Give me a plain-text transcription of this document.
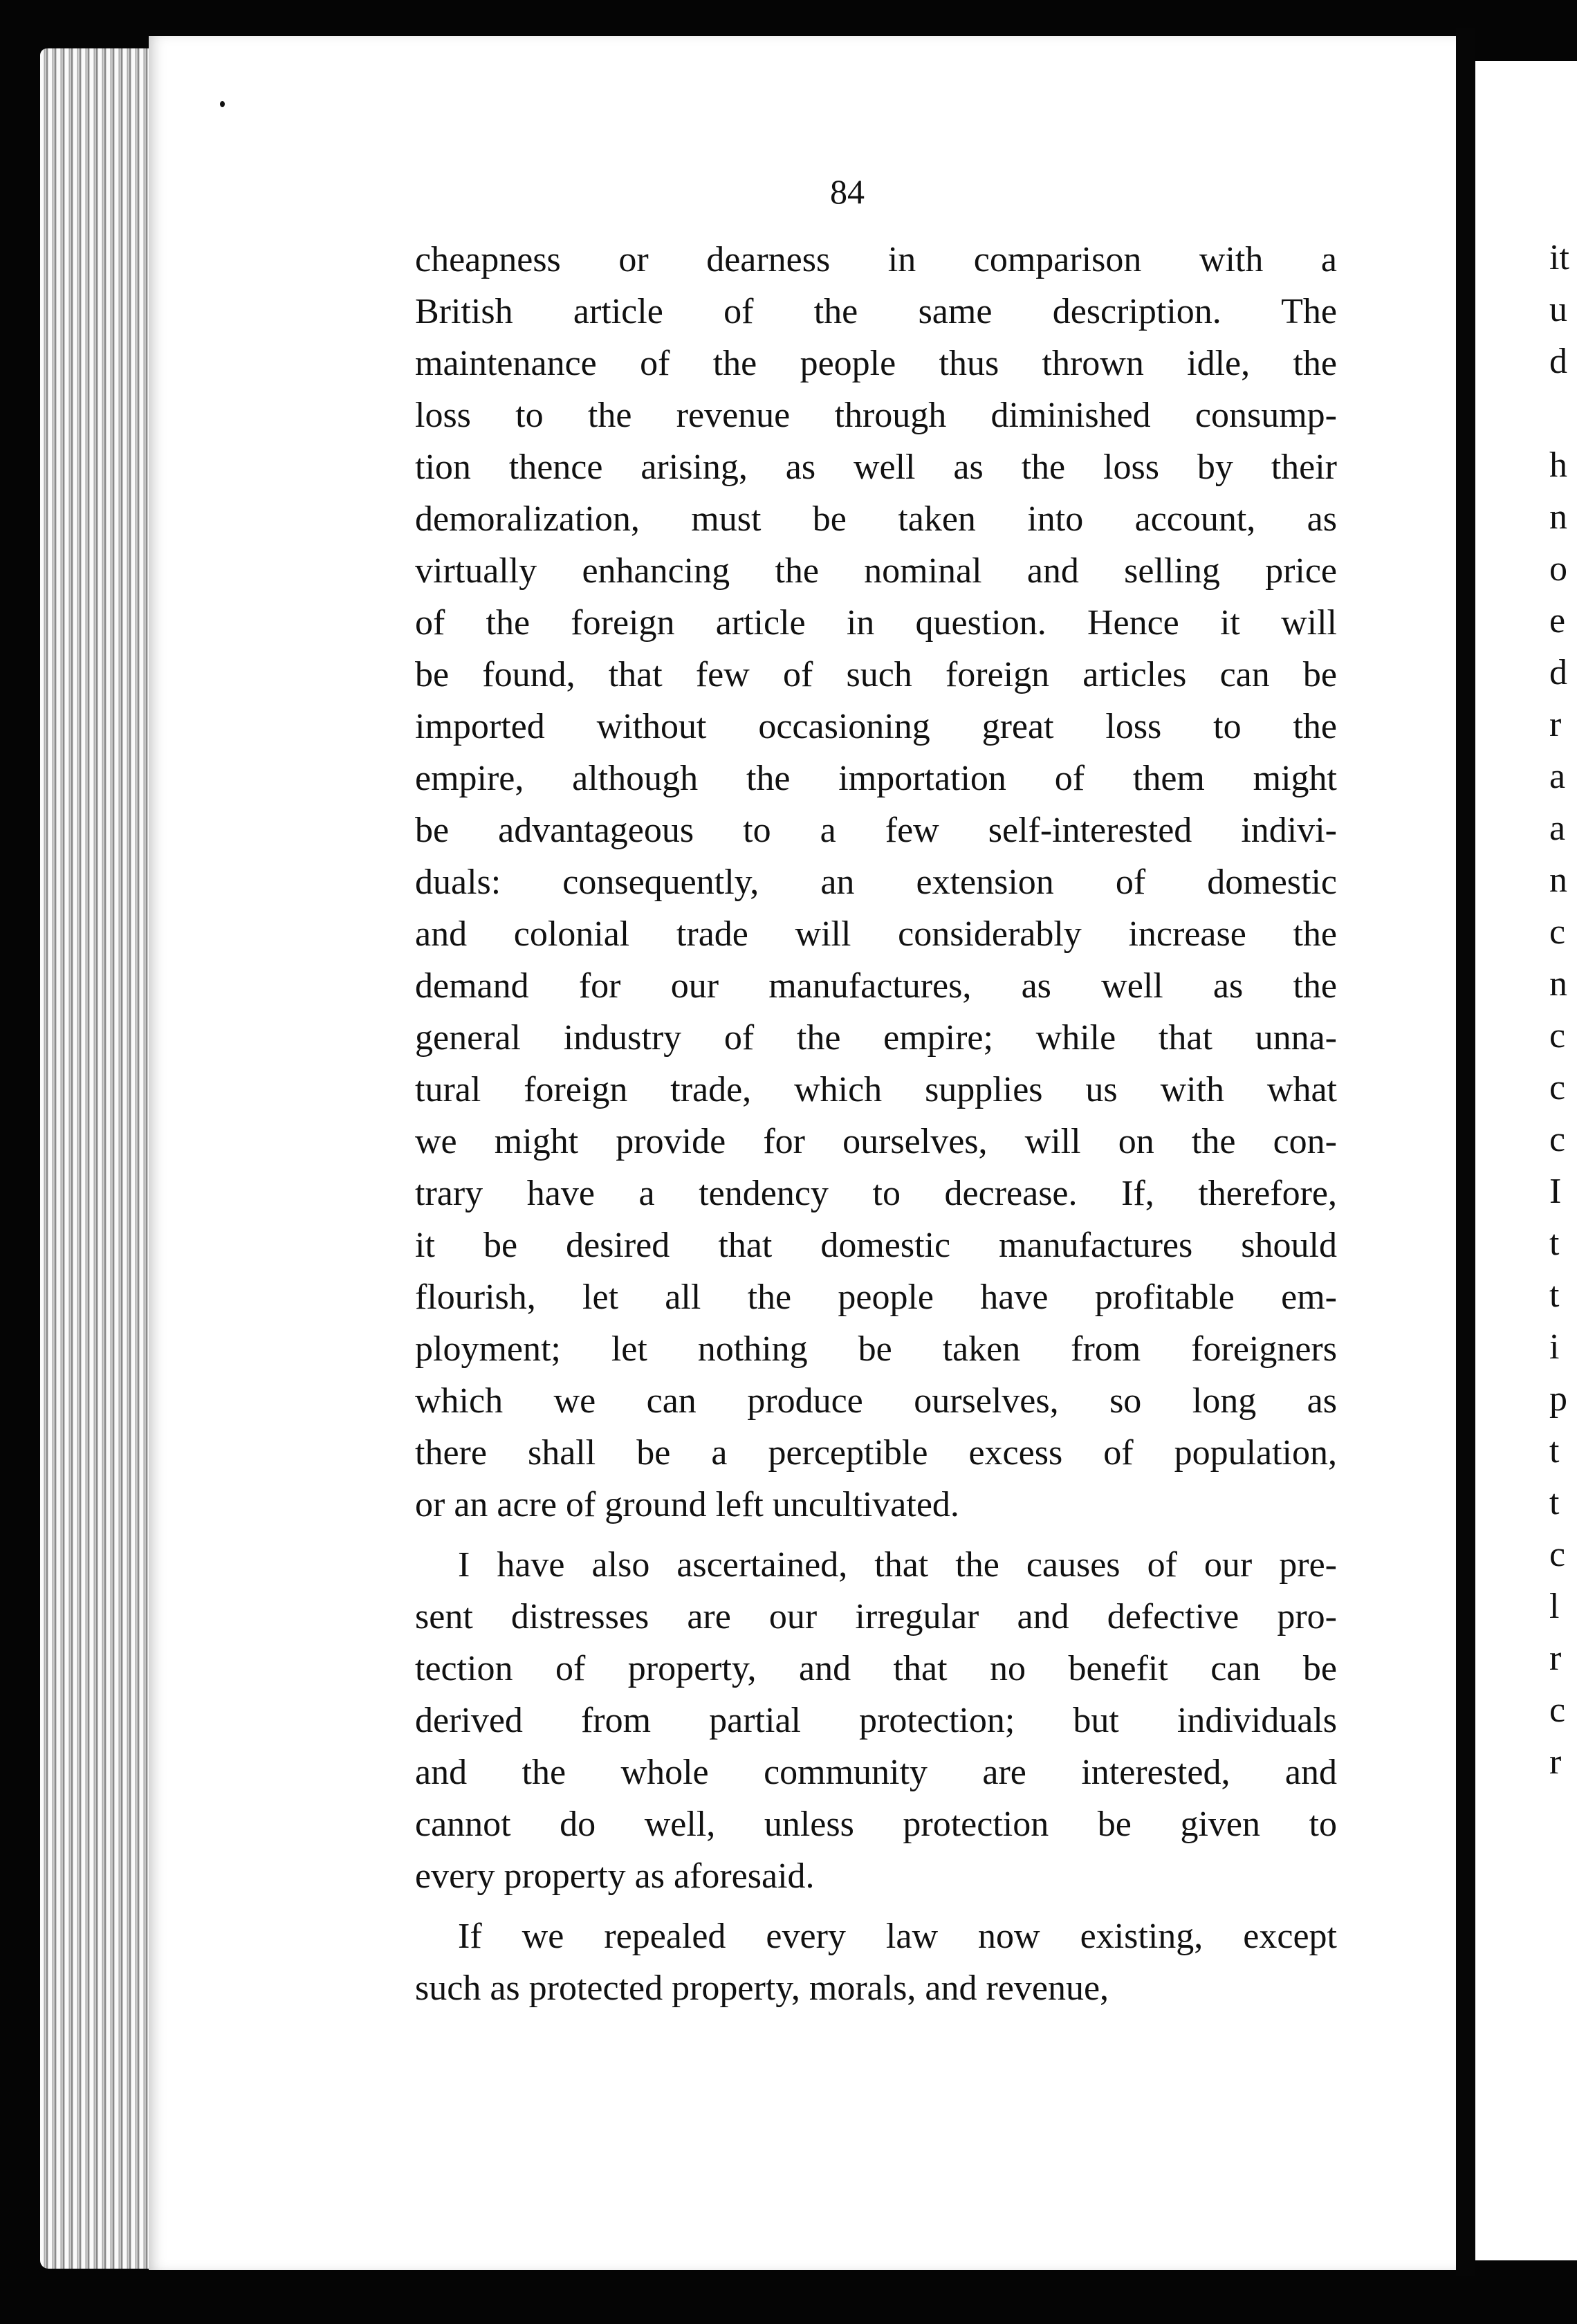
84
cheapness or dearness in comparison with a
British article of the same description. The
maintenance of the people thus thrown idle, the
loss to the revenue through diminished consump-
tion thence arising, as well as the loss by their
demoralization, must be taken into account, as
virtually enhancing the nominal and selling price
of the foreign article in question. Hence it will
be found, that few of such foreign articles can be
imported without occasioning great loss to the
empire, although the importation of them might
be advantageous to a few self-interested indivi-
duals: consequently, an extension of domestic
and colonial trade will considerably increase the
demand for our manufactures, as well as the
general industry of the empire; while that unna-
tural foreign trade, which supplies us with what
we might provide for ourselves, will on the con-
trary have a tendency to decrease. If, therefore,
it be desired that domestic manufactures should
flourish, let all the people have profitable em-
ployment; let nothing be taken from foreigners
which we can produce ourselves, so long as
there shall be a perceptible excess of population,
or an acre of ground left uncultivated.
I have also ascertained, that the causes of our pre-
sent distresses are our irregular and defective pro-
tection of property, and that no benefit can be
derived from partial protection; but individuals
and the whole community are interested, and
cannot do well, unless protection be given to
every property as aforesaid.
If we repealed every law now existing, except
such as protected property, morals, and revenue,
it
u
d
h
n
o
e
d
r
a
a
n
c
n
c
c
c
I
t
t
i
p
t
t
c
l
r
c
r
